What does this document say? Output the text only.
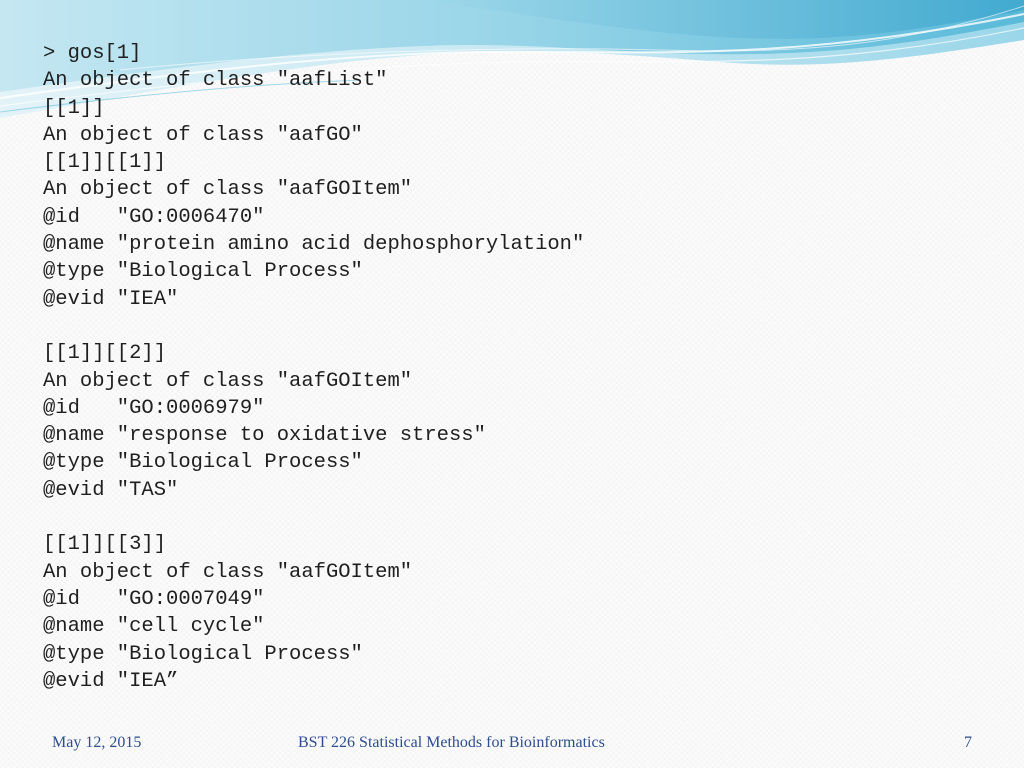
> gos[1]
An object of class "aafList"
[[1]]
An object of class "aafGO"
[[1]][[1]]
An object of class "aafGOItem"
@id   "GO:0006470"
@name "protein amino acid dephosphorylation"
@type "Biological Process"
@evid "IEA"
[[1]][[2]]
An object of class "aafGOItem"
@id   "GO:0006979"
@name "response to oxidative stress"
@type "Biological Process"
@evid "TAS"
[[1]][[3]]
An object of class "aafGOItem"
@id   "GO:0007049"
@name "cell cycle"
@type "Biological Process"
@evid "IEA”
May 12, 2015	BST 226 Statistical Methods for Bioinformatics	7
